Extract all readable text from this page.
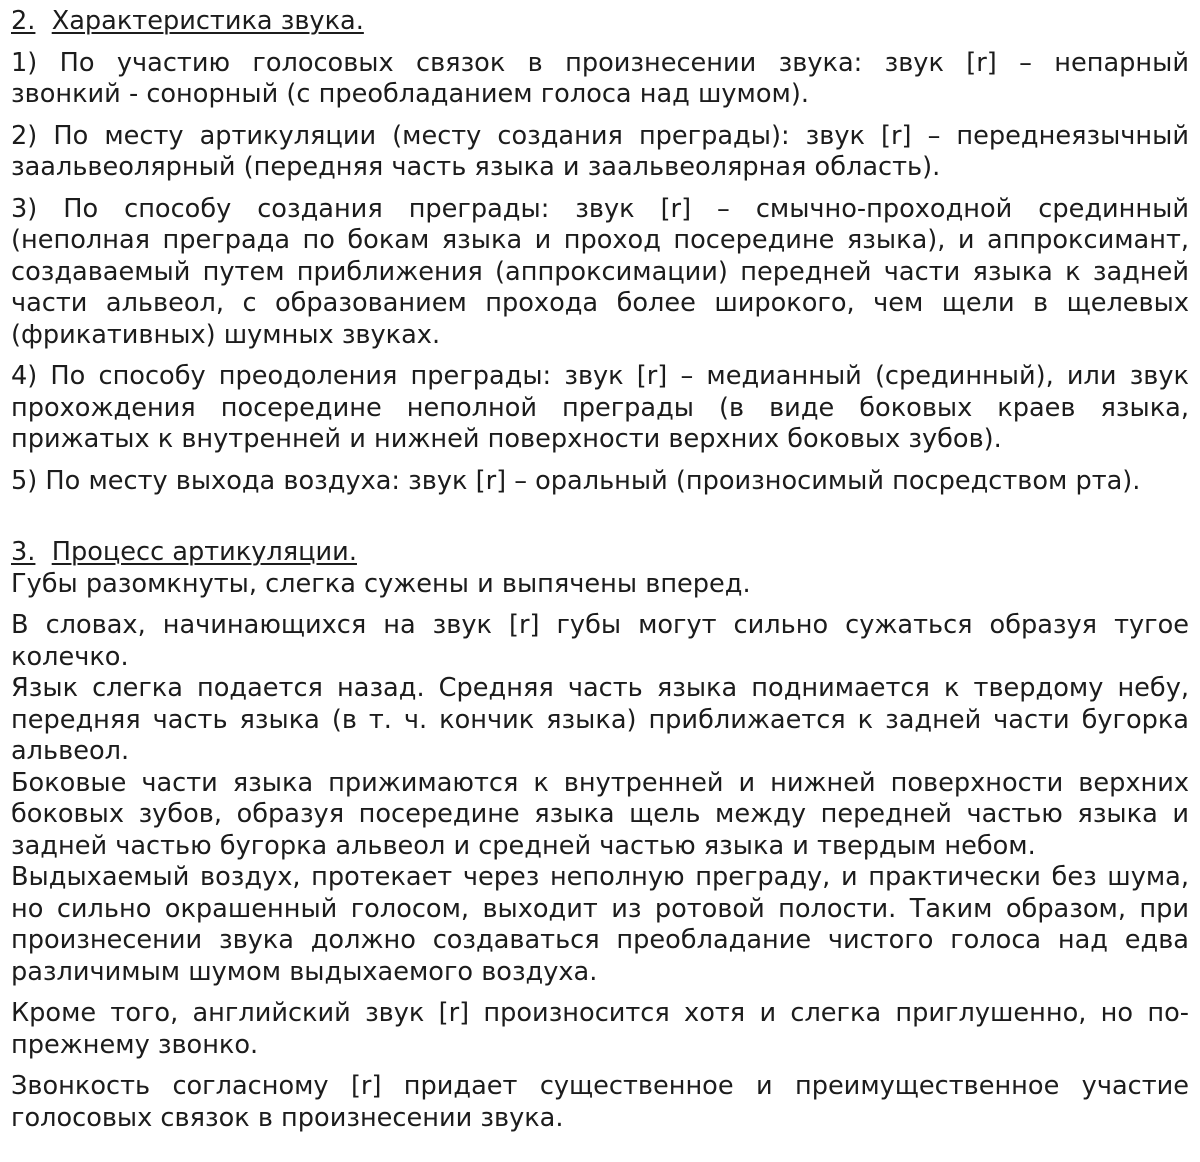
2. Характеристика звука.
1) По участию голосовых связок в произнесении звука: звук [r] – непарный
звонкий - сонорный (с преобладанием голоса над шумом).
2) По месту артикуляции (месту создания преграды): звук [r] – переднеязычный
заальвеолярный (передняя часть языка и заальвеолярная область).
3) По способу создания преграды: звук [r] – смычно-проходной срединный
(неполная преграда по бокам языка и проход посередине языка), и аппроксимант,
создаваемый путем приближения (аппроксимации) передней части языка к задней
части альвеол, с образованием прохода более широкого, чем щели в щелевых
(фрикативных) шумных звуках.
4) По способу преодоления преграды: звук [r] – медианный (срединный), или звук
прохождения посередине неполной преграды (в виде боковых краев языка,
прижатых к внутренней и нижней поверхности верхних боковых зубов).
5) По месту выхода воздуха: звук [r] – оральный (произносимый посредством рта).
3. Процесс артикуляции.
Губы разомкнуты, слегка сужены и выпячены вперед.
В словах, начинающихся на звук [r] губы могут сильно сужаться образуя тугое
колечко.
Язык слегка подается назад. Средняя часть языка поднимается к твердому небу,
передняя часть языка (в т. ч. кончик языка) приближается к задней части бугорка
альвеол.
Боковые части языка прижимаются к внутренней и нижней поверхности верхних
боковых зубов, образуя посередине языка щель между передней частью языка и
задней частью бугорка альвеол и средней частью языка и твердым небом.
Выдыхаемый воздух, протекает через неполную преграду, и практически без шума,
но сильно окрашенный голосом, выходит из ротовой полости. Таким образом, при
произнесении звука должно создаваться преобладание чистого голоса над едва
различимым шумом выдыхаемого воздуха.
Кроме того, английский звук [r] произносится хотя и слегка приглушенно, но по-
прежнему звонко.
Звонкость согласному [r] придает существенное и преимущественное участие
голосовых связок в произнесении звука.
